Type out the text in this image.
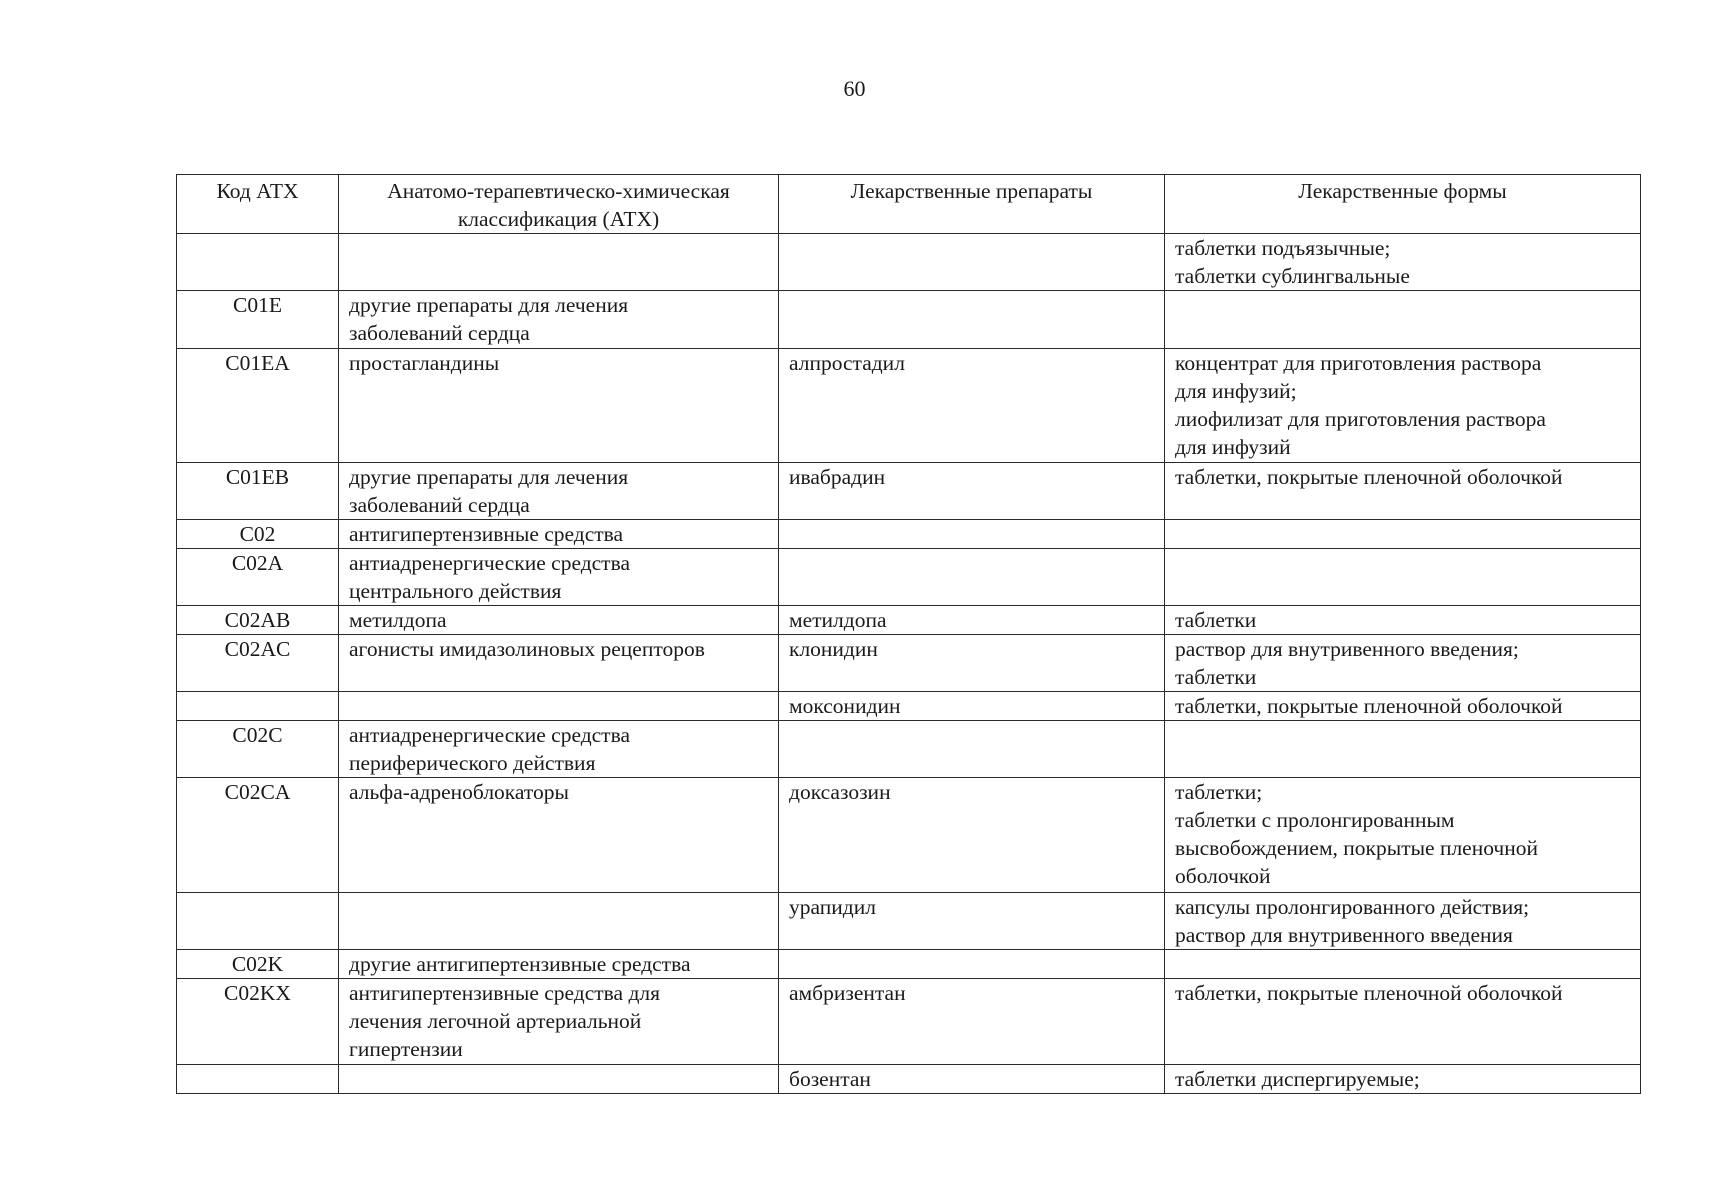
60
Код АТХ	Анатомо-терапевтическо-химическая классификация (АТХ)	Лекарственные препараты	Лекарственные формы
			таблетки подъязычные;
таблетки сублингвальные
C01E	другие препараты для лечения
заболеваний сердца		
C01EA	простагландины	алпростадил	концентрат для приготовления раствора
для инфузий;
лиофилизат для приготовления раствора
для инфузий
C01EB	другие препараты для лечения
заболеваний сердца	ивабрадин	таблетки, покрытые пленочной оболочкой
C02	антигипертензивные средства		
C02A	антиадренергические средства
центрального действия		
C02AB	метилдопа	метилдопа	таблетки
C02AC	агонисты имидазолиновых рецепторов	клонидин	раствор для внутривенного введения;
таблетки
		моксонидин	таблетки, покрытые пленочной оболочкой
C02C	антиадренергические средства
периферического действия		
C02CA	альфа-адреноблокаторы	доксазозин	таблетки;
таблетки с пролонгированным
высвобождением, покрытые пленочной
оболочкой
		урапидил	капсулы пролонгированного действия;
раствор для внутривенного введения
C02K	другие антигипертензивные средства		
C02KX	антигипертензивные средства для
лечения легочной артериальной
гипертензии	амбризентан	таблетки, покрытые пленочной оболочкой
		бозентан	таблетки диспергируемые;
